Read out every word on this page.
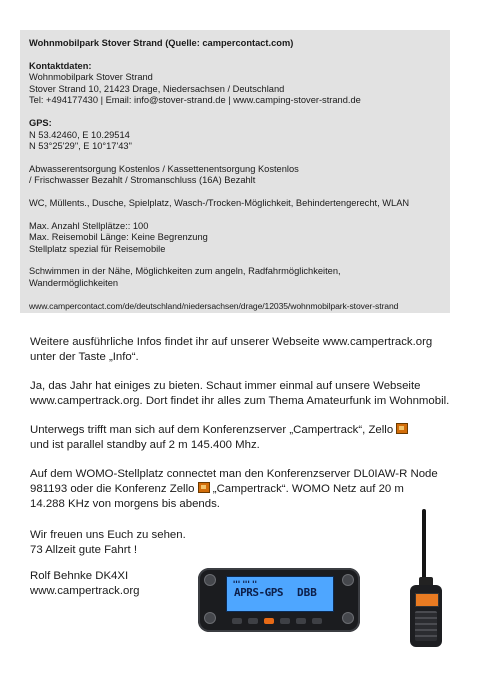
Wohnmobilpark Stover Strand (Quelle: campercontact.com)
Kontaktdaten:
Wohnmobilpark Stover Strand
Stover Strand 10, 21423 Drage, Niedersachsen / Deutschland
Tel: +494177430 | Email: info@stover-strand.de | www.camping-stover-strand.de
GPS:
N 53.42460, E 10.29514
N 53°25'29", E 10°17'43"
Abwasserentsorgung Kostenlos / Kassettenentsorgung Kostenlos
/ Frischwasser Bezahlt / Stromanschluss (16A) Bezahlt
WC, Müllents., Dusche, Spielplatz, Wasch-/Trocken-Möglichkeit, Behindertengerecht, WLAN
Max. Anzahl Stellplätze:: 100
Max. Reisemobil Länge: Keine Begrenzung
Stellplatz spezial für Reisemobile
Schwimmen in der Nähe, Möglichkeiten zum angeln, Radfahrmöglichkeiten,
Wandermöglichkeiten
www.campercontact.com/de/deutschland/niedersachsen/drage/12035/wohnmobilpark-stover-strand

Weitere ausführliche Infos findet ihr auf unserer Webseite www.campertrack.org
unter der Taste „Info“.

Ja, das Jahr hat einiges zu bieten. Schaut immer einmal auf unsere Webseite
www.campertrack.org. Dort findet ihr alles zum Thema Amateurfunk im Wohnmobil.

Unterwegs trifft man sich auf dem Konferenzserver „Campertrack“, Zello
und ist parallel standby auf 2 m 145.400 Mhz.

Auf dem WOMO-Stellplatz connectet man den Konferenzserver DL0IAW-R Node
981193 oder die Konferenz Zello „Campertrack“. WOMO Netz auf 20 m
14.288 KHz von morgens bis abends.

Wir freuen uns Euch zu sehen.
73 Allzeit gute Fahrt !
Rolf Behnke DK4XI
www.campertrack.org
▮▮▮ ▮▮▮ ▮▮
APRS-GPS DBB
